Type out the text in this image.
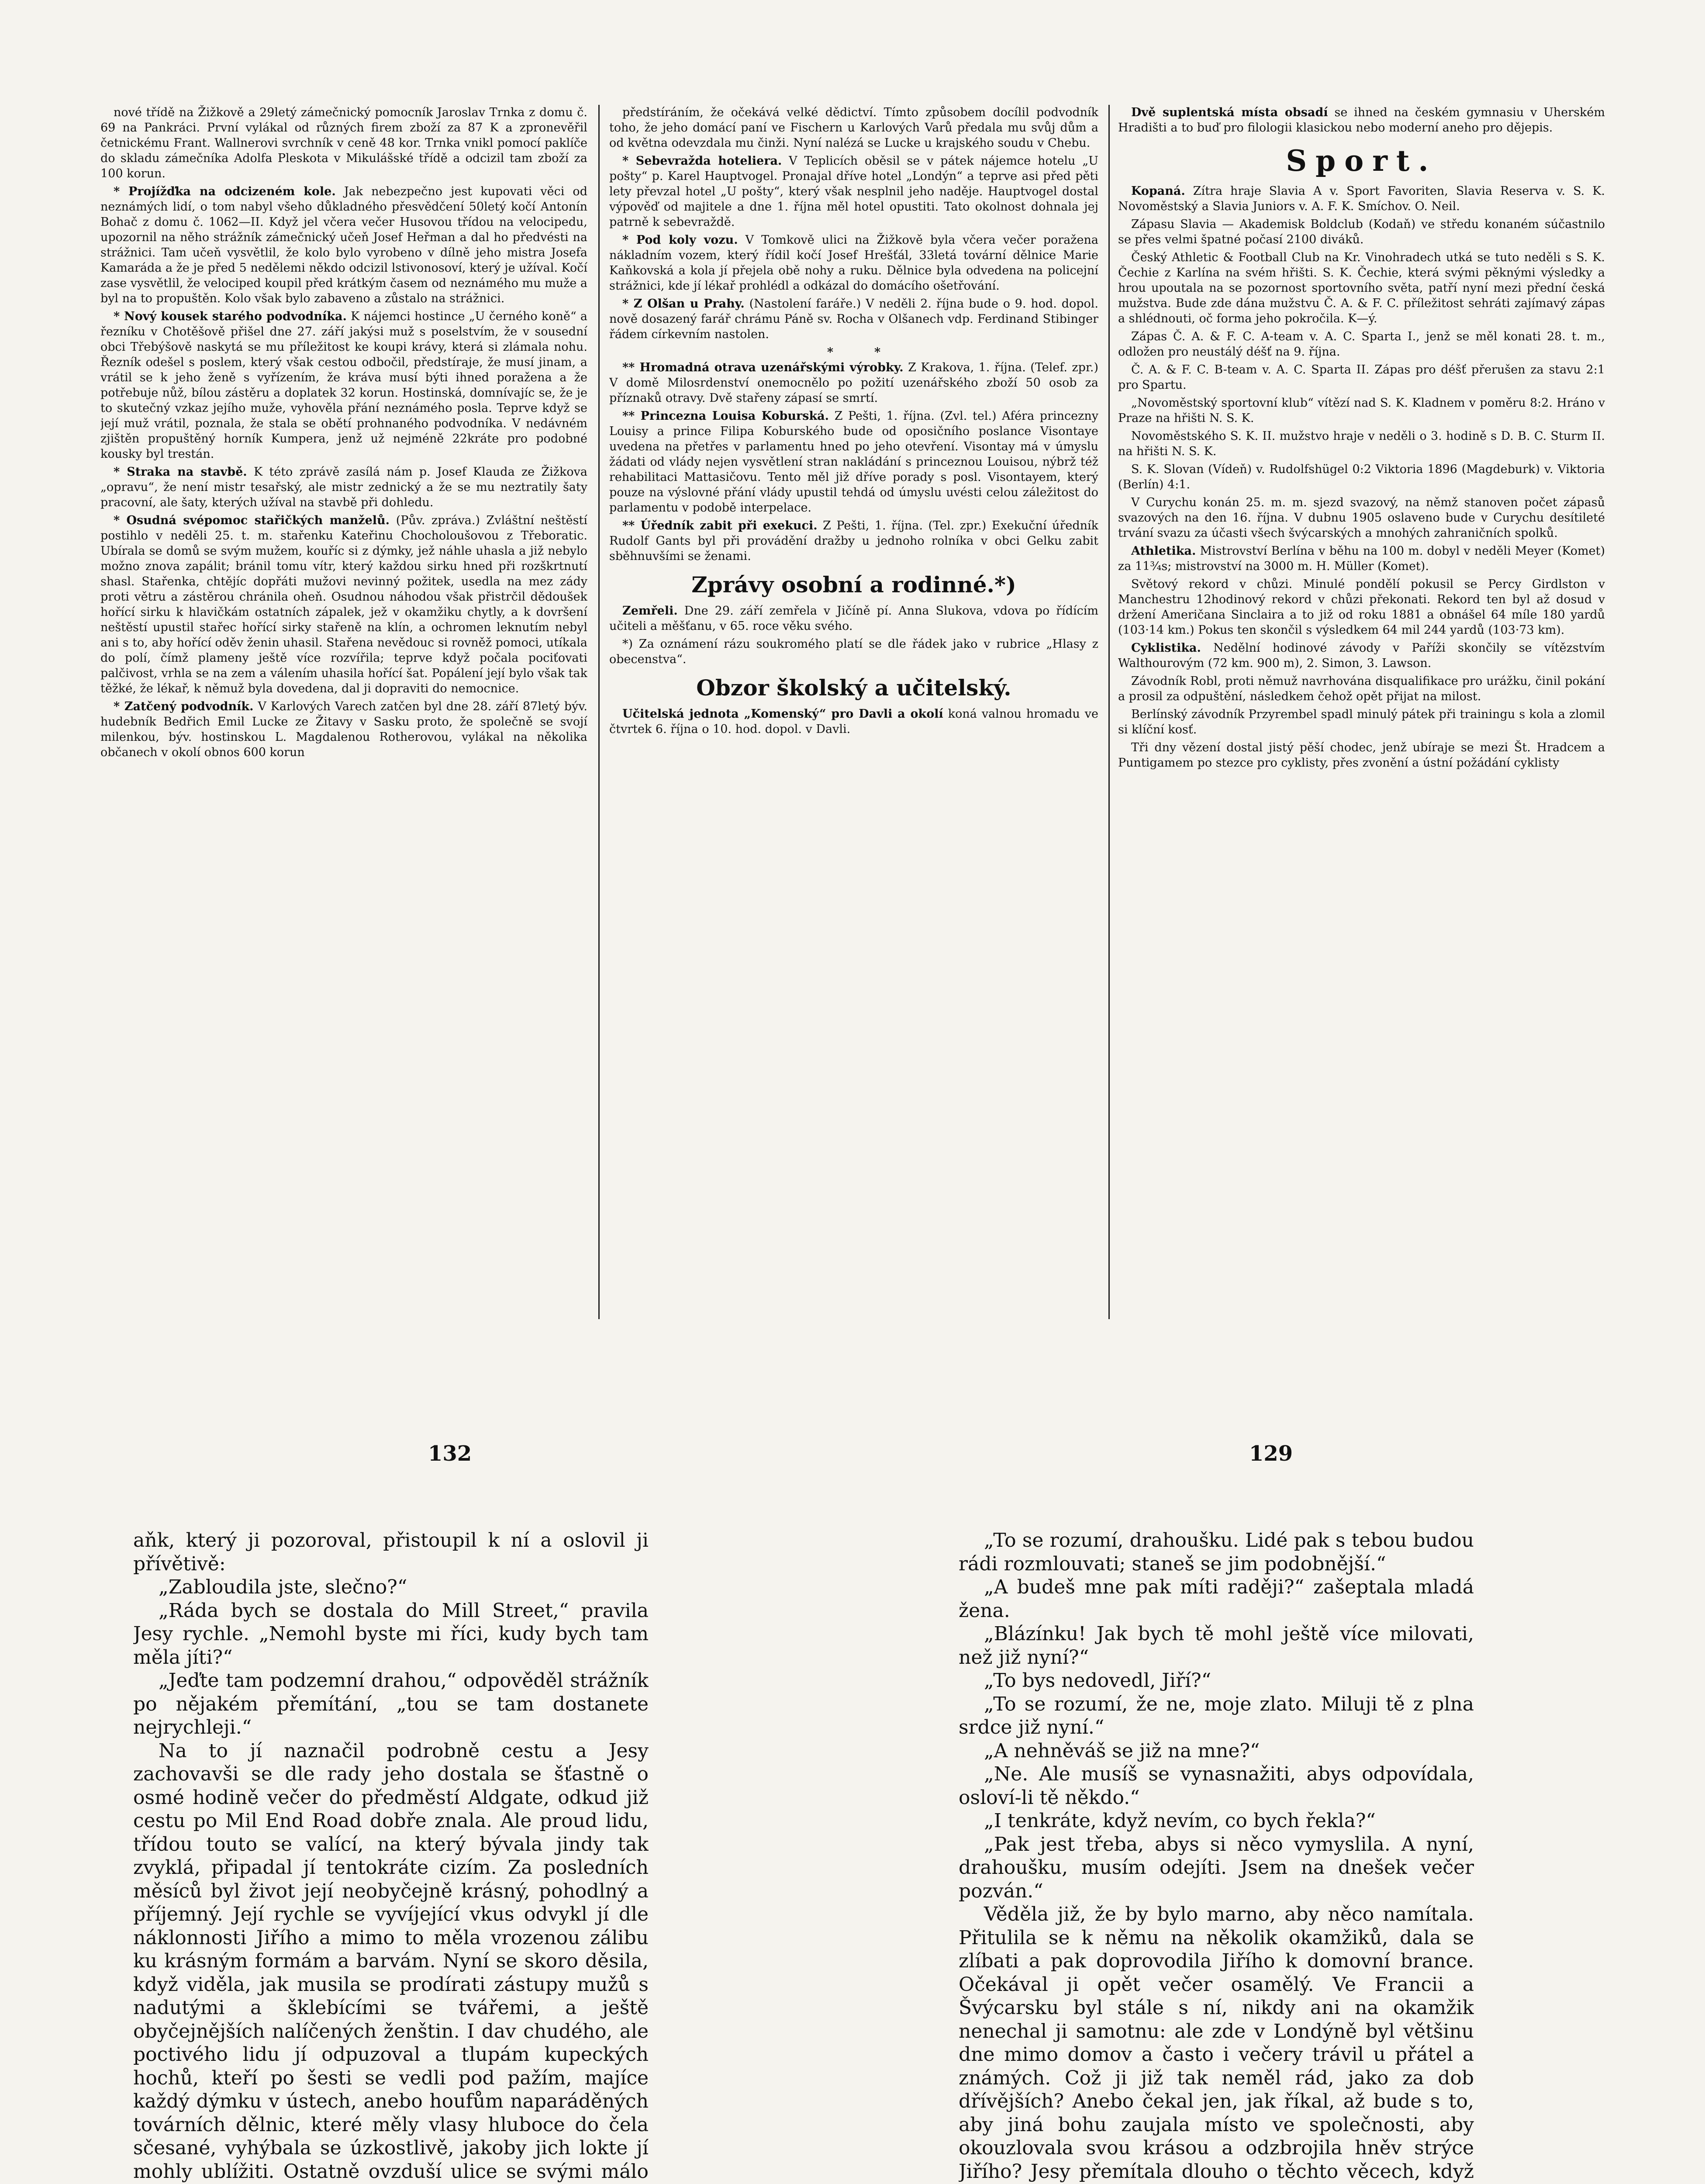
nové třídě na Žižkově a 29letý zámečnický pomocník Jaroslav Trnka z domu č. 69 na Pankráci. První vylákal od různých firem zboží za 87 K a zpronevěřil četnickému Frant. Wallnerovi svrchník v ceně 48 kor. Trnka vnikl pomocí paklíče do skladu zámečníka Adolfa Pleskota v Mikulášské třídě a odcizil tam zboží za 100 korun.

* Projížďka na odcizeném kole. Jak nebezpečno jest kupovati věci od neznámých lidí, o tom nabyl všeho důkladného přesvědčení 50letý kočí Antonín Bohač z domu č. 1062—II. Když jel včera večer Husovou třídou na velocipedu, upozornil na něho strážník zámečnický učeň Josef Heřman a dal ho předvésti na strážnici. Tam učeň vysvětlil, že kolo bylo vyrobeno v dílně jeho mistra Josefa Kamaráda a že je před 5 nedělemi někdo odcizil lstivonosoví, který je užíval. Kočí zase vysvětlil, že velociped koupil před krátkým časem od neznámého mu muže a byl na to propuštěn. Kolo však bylo zabaveno a zůstalo na strážnici.

* Nový kousek starého podvodníka. K nájemci hostince „U černého koně“ a řezníku v Chotěšově přišel dne 27. září jakýsi muž s poselstvím, že v sousední obci Třebýšově naskytá se mu příležitost ke koupi krávy, která si zlámala nohu. Řezník odešel s poslem, který však cestou odbočil, předstíraje, že musí jinam, a vrátil se k jeho ženě s vyřízením, že kráva musí býti ihned poražena a že potřebuje nůž, bílou zástěru a doplatek 32 korun. Hostinská, domnívajíc se, že je to skutečný vzkaz jejího muže, vyhověla přání neznámého posla. Teprve když se její muž vrátil, poznala, že stala se obětí prohnaného podvodníka. V nedávném zjištěn propuštěný horník Kumpera, jenž už nejméně 22kráte pro podobné kousky byl trestán.

* Straka na stavbě. K této zprávě zasílá nám p. Josef Klauda ze Žižkova „opravu“, že není mistr tesařský, ale mistr zednický a že se mu neztratily šaty pracovní, ale šaty, kterých užíval na stavbě při dohledu.

* Osudná svépomoc stařičkých manželů. (Pův. zpráva.) Zvláštní neštěstí postihlo v neděli 25. t. m. stařenku Kateřinu Chocholoušovou z Třeboratic. Ubírala se domů se svým mužem, kouříc si z dýmky, jež náhle uhasla a již nebylo možno znova zapálit; bránil tomu vítr, který každou sirku hned při rozškrtnutí shasl. Stařenka, chtějíc dopřáti mužovi nevinný požitek, usedla na mez zády proti větru a zástěrou chránila oheň. Osudnou náhodou však přistrčil dědoušek hořící sirku k hlavičkám ostatních zápalek, jež v okamžiku chytly, a k dovršení neštěstí upustil stařec hořící sirky stařeně na klín, a ochromen leknutím nebyl ani s to, aby hořící oděv ženin uhasil. Stařena nevědouc si rovněž pomoci, utíkala do polí, čímž plameny ještě více rozvířila; teprve když počala pociťovati palčivost, vrhla se na zem a válením uhasila hořící šat. Popálení její bylo však tak těžké, že lékař, k němuž byla dovedena, dal ji dopraviti do nemocnice.

* Zatčený podvodník. V Karlových Varech zatčen byl dne 28. září 87letý býv. hudebník Bedřich Emil Lucke ze Žitavy v Sasku proto, že společně se svojí milenkou, býv. hostinskou L. Magdalenou Rotherovou, vylákal na několika občanech v okolí obnos 600 korun

předstíráním, že očekává velké dědictví. Tímto způsobem docílil podvodník toho, že jeho domácí paní ve Fischern u Karlových Varů předala mu svůj dům a od května odevzdala mu činži. Nyní nalézá se Lucke u krajského soudu v Chebu.

* Sebevražda hoteliera. V Teplicích oběsil se v pátek nájemce hotelu „U pošty“ p. Karel Hauptvogel. Pronajal dříve hotel „Londýn“ a teprve asi před pěti lety převzal hotel „U pošty“, který však nesplnil jeho naděje. Hauptvogel dostal výpověď od majitele a dne 1. října měl hotel opustiti. Tato okolnost dohnala jej patrně k sebevraždě.

* Pod koly vozu. V Tomkově ulici na Žižkově byla včera večer poražena nákladním vozem, který řídil kočí Josef Hrešťál, 33letá tovární dělnice Marie Kaňkovská a kola jí přejela obě nohy a ruku. Dělnice byla odvedena na policejní strážnici, kde jí lékař prohlédl a odkázal do domácího ošetřování.

* Z Olšan u Prahy. (Nastolení faráře.) V neděli 2. října bude o 9. hod. dopol. nově dosazený farář chrámu Páně sv. Rocha v Olšanech vdp. Ferdinand Stibinger řádem církevním nastolen.

*          *

** Hromadná otrava uzenářskými výrobky. Z Krakova, 1. října. (Telef. zpr.) V domě Milosrdenství onemocnělo po požití uzenářského zboží 50 osob za příznaků otravy. Dvě stařeny zápasí se smrtí.

** Princezna Louisa Koburská. Z Pešti, 1. října. (Zvl. tel.) Aféra princezny Louisy a prince Filipa Koburského bude od oposičního poslance Visontaye uvedena na přetřes v parlamentu hned po jeho otevření. Visontay má v úmyslu žádati od vlády nejen vysvětlení stran nakládání s princeznou Louisou, nýbrž též rehabilitaci Mattasičovu. Tento měl již dříve porady s posl. Visontayem, který pouze na výslovné přání vlády upustil tehdá od úmyslu uvésti celou záležitost do parlamentu v podobě interpelace.

** Úředník zabit při exekuci. Z Pešti, 1. října. (Tel. zpr.) Exekuční úředník Rudolf Gants byl při provádění dražby u jednoho rolníka v obci Gelku zabit sběhnuvšími se ženami.

Zprávy osobní a rodinné.*)

Zemřeli. Dne 29. září zemřela v Jičíně pí. Anna Slukova, vdova po řídícím učiteli a měšťanu, v 65. roce věku svého.

*) Za oznámení rázu soukromého platí se dle řádek jako v rubrice „Hlasy z obecenstva“.

Obzor školský a učitelský.

Učitelská jednota „Komenský“ pro Davli a okolí koná valnou hromadu ve čtvrtek 6. října o 10. hod. dopol. v Davli.

Dvě suplentská místa obsadí se ihned na českém gymnasiu v Uherském Hradišti a to buď pro filologii klasickou nebo moderní aneho pro dějepis.

Sport.

Kopaná. Zítra hraje Slavia A v. Sport Favoriten, Slavia Reserva v. S. K. Novoměstský a Slavia Juniors v. A. F. K. Smíchov. O. Neil.

Zápasu Slavia — Akademisk Boldclub (Kodaň) ve středu konaném súčastnilo se přes velmi špatné počasí 2100 diváků.

Český Athletic & Football Club na Kr. Vinohradech utká se tuto neděli s S. K. Čechie z Karlína na svém hřišti. S. K. Čechie, která svými pěknými výsledky a hrou upoutala na se pozornost sportovního světa, patří nyní mezi přední česká mužstva. Bude zde dána mužstvu Č. A. & F. C. příležitost sehráti zajímavý zápas a shlédnouti, oč forma jeho pokročila. K—ý.

Zápas Č. A. & F. C. A-team v. A. C. Sparta I., jenž se měl konati 28. t. m., odložen pro neustálý déšť na 9. října.

Č. A. & F. C. B-team v. A. C. Sparta II. Zápas pro déšť přerušen za stavu 2:1 pro Spartu.

„Novoměstský sportovní klub“ vítězí nad S. K. Kladnem v poměru 8:2. Hráno v Praze na hřišti N. S. K.

Novoměstského S. K. II. mužstvo hraje v neděli o 3. hodině s D. B. C. Sturm II. na hřišti N. S. K.

S. K. Slovan (Vídeň) v. Rudolfshügel 0:2 Viktoria 1896 (Magdeburk) v. Viktoria (Berlín) 4:1.

V Curychu konán 25. m. m. sjezd svazový, na němž stanoven počet zápasů svazových na den 16. října. V dubnu 1905 oslaveno bude v Curychu desítileté trvání svazu za účasti všech švýcarských a mnohých zahraničních spolků.

Athletika. Mistrovství Berlína v běhu na 100 m. dobyl v neděli Meyer (Komet) za 11¾s; mistrovství na 3000 m. H. Müller (Komet).

Světový rekord v chůzi. Minulé pondělí pokusil se Percy Girdlston v Manchestru 12hodinový rekord v chůzi překonati. Rekord ten byl až dosud v držení Američana Sinclaira a to již od roku 1881 a obnášel 64 míle 180 yardů (103·14 km.) Pokus ten skončil s výsledkem 64 mil 244 yardů (103·73 km).

Cyklistika. Nedělní hodinové závody v Paříži skončily se vítězstvím Walthourovým (72 km. 900 m), 2. Simon, 3. Lawson.

Závodník Robl, proti němuž navrhována disqualifikace pro urážku, činil pokání a prosil za odpuštění, následkem čehož opět přijat na milost.

Berlínský závodník Przyrembel spadl minulý pátek při trainingu s kola a zlomil si klíční kosť.

Tři dny vězení dostal jistý pěší chodec, jenž ubíraje se mezi Št. Hradcem a Puntigamem po stezce pro cyklisty, přes zvonění a ústní požádání cyklisty

132	129

aňk, který ji pozoroval, přistoupil k ní a oslovil ji přívětivě:

„Zabloudila jste, slečno?“

„Ráda bych se dostala do Mill Street,“ pravila Jesy rychle. „Nemohl byste mi říci, kudy bych tam měla jíti?“

„Jeďte tam podzemní drahou,“ odpověděl strážník po nějakém přemítání, „tou se tam dostanete nejrychleji.“

Na to jí naznačil podrobně cestu a Jesy zachovavši se dle rady jeho dostala se šťastně o osmé hodině večer do předměstí Aldgate, odkud již cestu po Mil End Road dobře znala. Ale proud lidu, třídou touto se valící, na který bývala jindy tak zvyklá, připadal jí tentokráte cizím. Za posledních měsíců byl život její neobyčejně krásný, pohodlný a příjemný. Její rychle se vyvíjející vkus odvykl jí dle náklonnosti Jiřího a mimo to měla vrozenou zálibu ku krásným formám a barvám. Nyní se skoro děsila, když viděla, jak musila se prodírati zástupy mužů s nadutými a šklebícími se tvářemi, a ještě obyčejnějších nalíčených ženštin. I dav chudého, ale poctivého lidu jí odpuzoval a tlupám kupeckých hochů, kteří po šesti se vedli pod pažím, majíce každý dýmku v ústech, anebo houfům naparáděných továrních dělnic, které měly vlasy hluboce do čela sčesané, vyhýbala se úzkostlivě, jakoby jich lokte jí mohly ublížiti. Ostatně ovzduší ulice se svými málo

„To se rozumí, drahoušku. Lidé pak s tebou budou rádi rozmlouvati; staneš se jim podobnější.“

„A budeš mne pak míti raději?“ zašeptala mladá žena.

„Blázínku! Jak bych tě mohl ještě více milovati, než již nyní?“

„To bys nedovedl, Jiří?“

„To se rozumí, že ne, moje zlato. Miluji tě z plna srdce již nyní.“

„A nehněváš se již na mne?“

„Ne. Ale musíš se vynasnažiti, abys odpovídala, osloví-li tě někdo.“

„I tenkráte, když nevím, co bych řekla?“

„Pak jest třeba, abys si něco vymyslila. A nyní, drahoušku, musím odejíti. Jsem na dnešek večer pozván.“

Věděla již, že by bylo marno, aby něco namítala. Přitulila se k němu na několik okamžiků, dala se zlíbati a pak doprovodila Jiřího k domovní brance. Očekával ji opět večer osamělý. Ve Francii a Švýcarsku byl stále s ní, nikdy ani na okamžik nenechal ji samotnu: ale zde v Londýně byl většinu dne mimo domov a často i večery trávil u přátel a známých. Což ji již tak neměl rád, jako za dob dřívějších? Anebo čekal jen, jak říkal, až bude s to, aby jiná bohu zaujala místo ve společnosti, aby okouzlovala svou krásou a odzbrojila hněv strýce Jiřího? Jesy přemítala dlouho o těchto věcech, když
